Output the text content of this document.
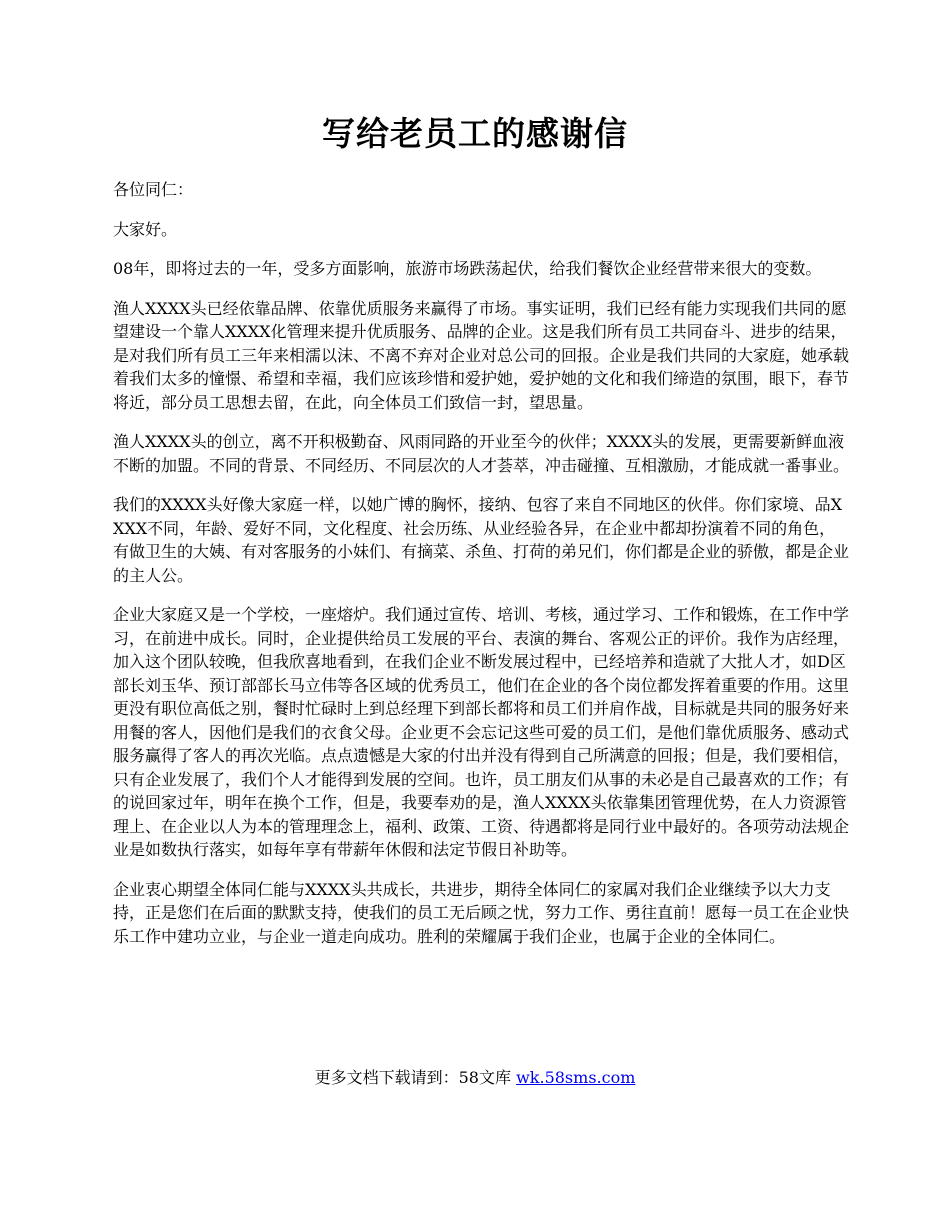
写给老员工的感谢信

各位同仁：

大家好。

08年，即将过去的一年，受多方面影响，旅游市场跌荡起伏，给我们餐饮企业经营带来很大的变数。

渔人XXXX头已经依靠品牌、依靠优质服务来赢得了市场。事实证明，我们已经有能力实现我们共同的愿望建设一个靠人XXXX化管理来提升优质服务、品牌的企业。这是我们所有员工共同奋斗、进步的结果，是对我们所有员工三年来相濡以沫、不离不弃对企业对总公司的回报。企业是我们共同的大家庭，她承载着我们太多的憧憬、希望和幸福，我们应该珍惜和爱护她，爱护她的文化和我们缔造的氛围，眼下，春节将近，部分员工思想去留，在此，向全体员工们致信一封，望思量。

渔人XXXX头的创立，离不开积极勤奋、风雨同路的开业至今的伙伴；XXXX头的发展，更需要新鲜血液不断的加盟。不同的背景、不同经历、不同层次的人才荟萃，冲击碰撞、互相激励，才能成就一番事业。

我们的XXXX头好像大家庭一样，以她广博的胸怀，接纳、包容了来自不同地区的伙伴。你们家境、品XXXX不同，年龄、爱好不同，文化程度、社会历练、从业经验各异，在企业中都却扮演着不同的角色，有做卫生的大姨、有对客服务的小妹们、有摘菜、杀鱼、打荷的弟兄们，你们都是企业的骄傲，都是企业的主人公。

企业大家庭又是一个学校，一座熔炉。我们通过宣传、培训、考核，通过学习、工作和锻炼，在工作中学习，在前进中成长。同时，企业提供给员工发展的平台、表演的舞台、客观公正的评价。我作为店经理，加入这个团队较晚，但我欣喜地看到，在我们企业不断发展过程中，已经培养和造就了大批人才，如D区部长刘玉华、预订部部长马立伟等各区域的优秀员工，他们在企业的各个岗位都发挥着重要的作用。这里更没有职位高低之别，餐时忙碌时上到总经理下到部长都将和员工们并肩作战，目标就是共同的服务好来用餐的客人，因他们是我们的衣食父母。企业更不会忘记这些可爱的员工们，是他们靠优质服务、感动式服务赢得了客人的再次光临。点点遗憾是大家的付出并没有得到自己所满意的回报；但是，我们要相信，只有企业发展了，我们个人才能得到发展的空间。也许，员工朋友们从事的未必是自己最喜欢的工作；有的说回家过年，明年在换个工作，但是，我要奉劝的是，渔人XXXX头依靠集团管理优势，在人力资源管理上、在企业以人为本的管理理念上，福利、政策、工资、待遇都将是同行业中最好的。各项劳动法规企业是如数执行落实，如每年享有带薪年休假和法定节假日补助等。

企业衷心期望全体同仁能与XXXX头共成长，共进步，期待全体同仁的家属对我们企业继续予以大力支持，正是您们在后面的默默支持，使我们的员工无后顾之忧，努力工作、勇往直前！愿每一员工在企业快乐工作中建功立业，与企业一道走向成功。胜利的荣耀属于我们企业，也属于企业的全体同仁。

更多文档下载请到：58文库 wk.58sms.com
